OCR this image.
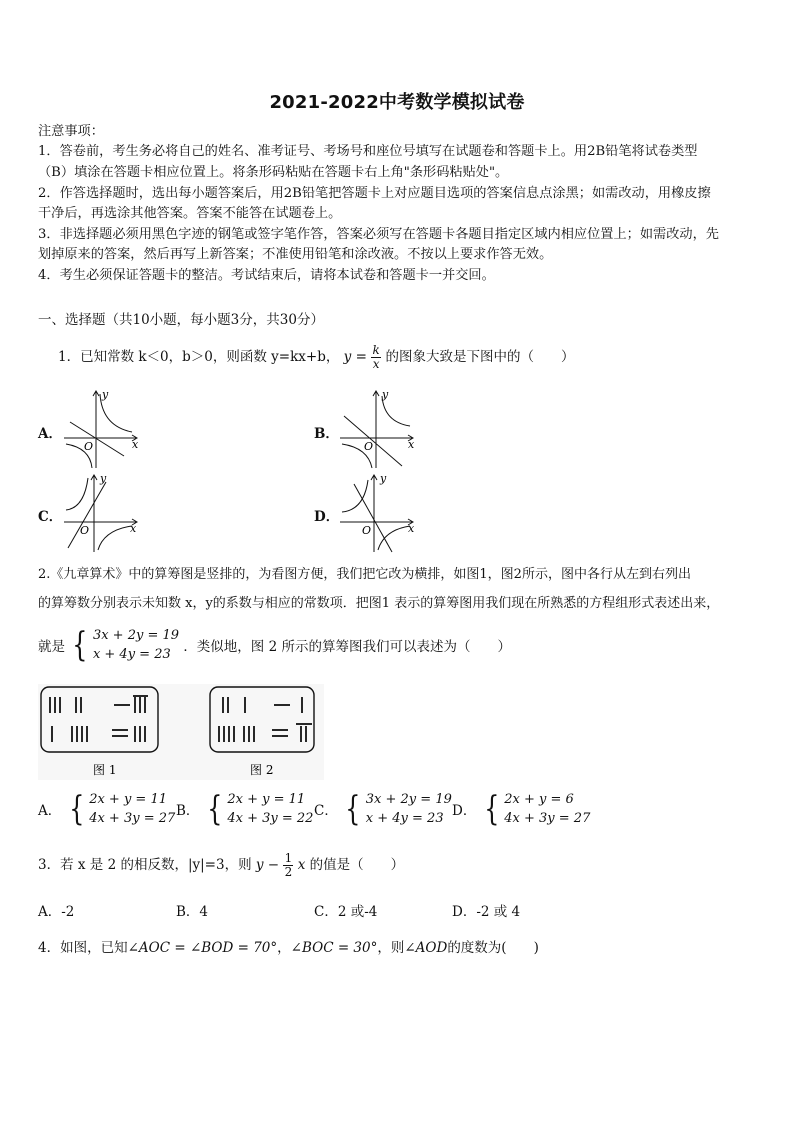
2021-2022中考数学模拟试卷
注意事项：
1．答卷前，考生务必将自己的姓名、准考证号、考场号和座位号填写在试题卷和答题卡上。用2B铅笔将试卷类型
（B）填涂在答题卡相应位置上。将条形码粘贴在答题卡右上角"条形码粘贴处"。
2．作答选择题时，选出每小题答案后，用2B铅笔把答题卡上对应题目选项的答案信息点涂黑；如需改动，用橡皮擦
干净后，再选涂其他答案。答案不能答在试题卷上。
3．非选择题必须用黑色字迹的钢笔或签字笔作答，答案必须写在答题卡各题目指定区域内相应位置上；如需改动，先
划掉原来的答案，然后再写上新答案；不准使用铅笔和涂改液。不按以上要求作答无效。
4．考生必须保证答题卡的整洁。考试结束后，请将本试卷和答题卡一并交回。
一、选择题（共10小题，每小题3分，共30分）
1．已知常数 k＜0，b＞0，则函数 y=kx+b， $y = \frac{k}{x}$ 的图象大致是下图中的（　　）
A．
y
x
O
B．
y
x
O
C．
y
x
O
D．
y
x
O
2.《九章算术》中的算筹图是竖排的，为看图方便，我们把它改为横排，如图1，图2所示，图中各行从左到右列出
的算筹数分别表示未知数 x，y的系数与相应的常数项．把图1 表示的算筹图用我们现在所熟悉的方程组形式表述出来，
就是 { 3x + 2y = 19
x + 4y = 23 ．类似地，图 2 所示的算筹图我们可以表述为（　　）
图 1	图 2
A． { 2x + y = 11
4x + 3y = 27 B． { 2x + y = 11
4x + 3y = 22 C． { 3x + 2y = 19
x + 4y = 23 D． { 2x + y = 6
4x + 3y = 27
3．若 x 是 2 的相反数，|y|=3，则 $y - \frac{1}{2}$ x 的值是（　　）
A．-2	B．4	C．2 或-4	D．-2 或 4
4．如图，已知∠AOC = ∠BOD = 70°，∠BOC = 30°，则∠AOD的度数为(　　)
